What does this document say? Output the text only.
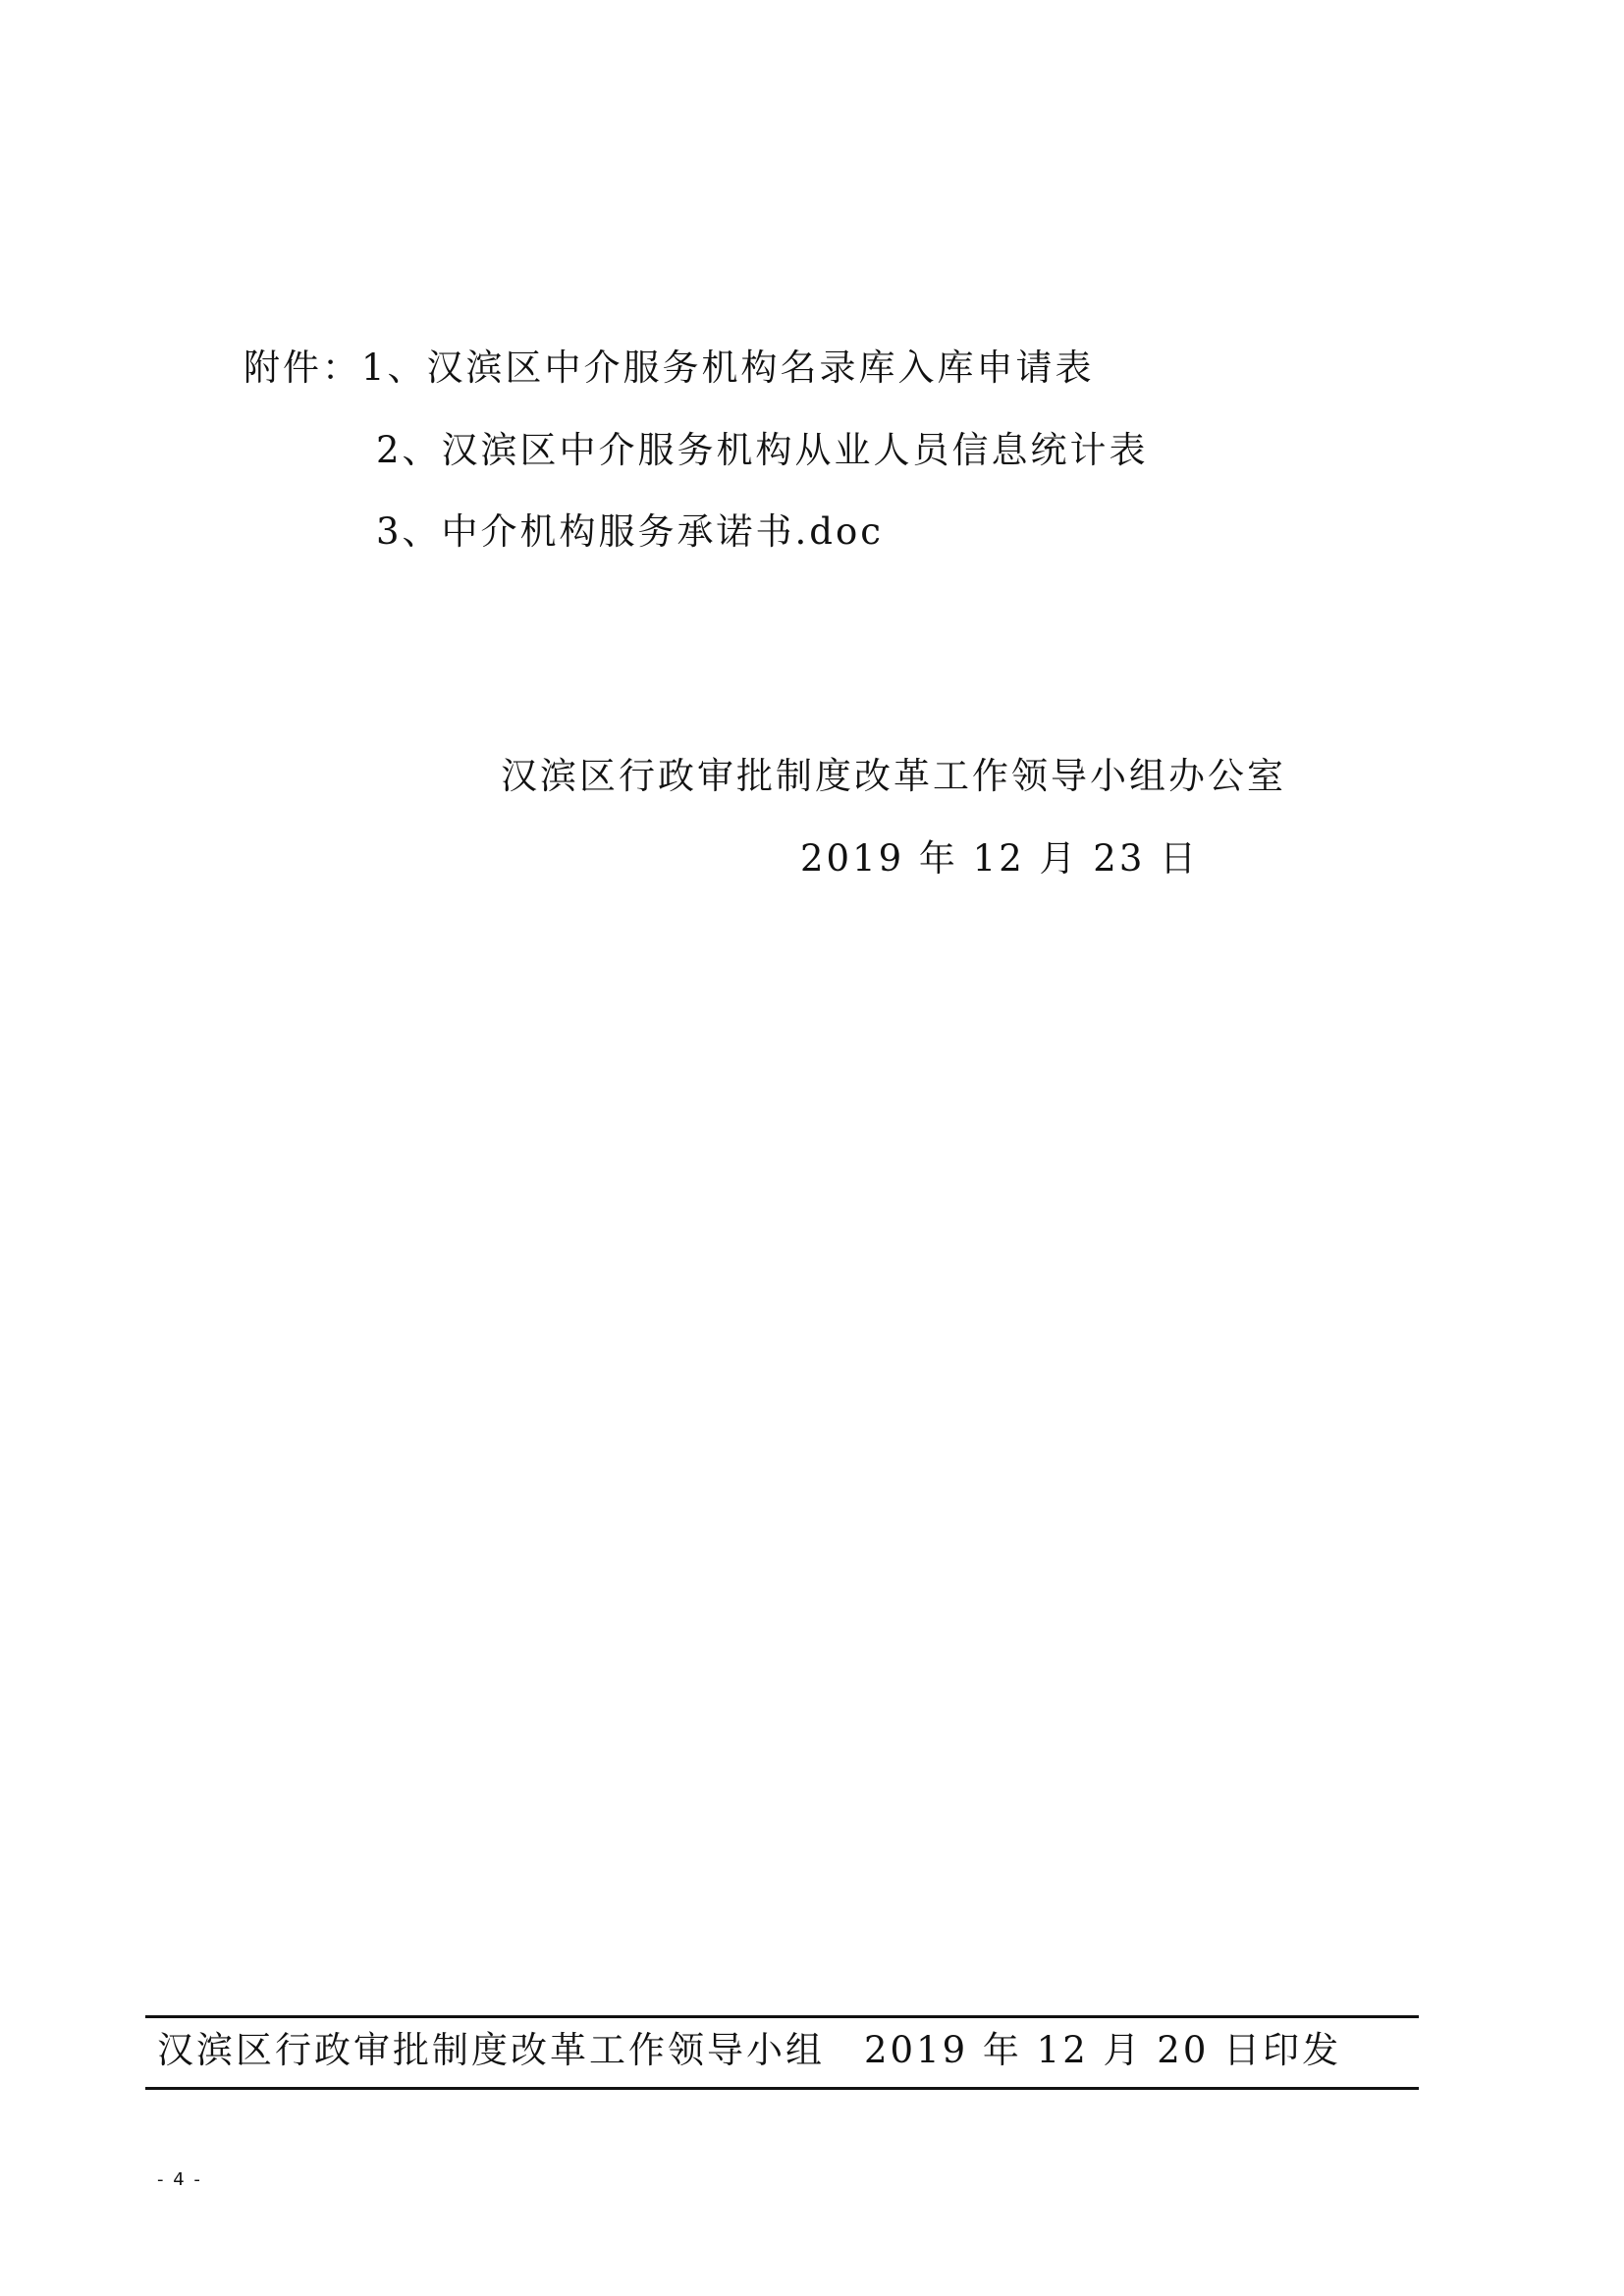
附件：1、汉滨区中介服务机构名录库入库申请表
2、汉滨区中介服务机构从业人员信息统计表
3、中介机构服务承诺书.doc
汉滨区行政审批制度改革工作领导小组办公室
2019 年 12 月 23 日
汉滨区行政审批制度改革工作领导小组 2019 年 12 月 20 日印发
- 4 -
